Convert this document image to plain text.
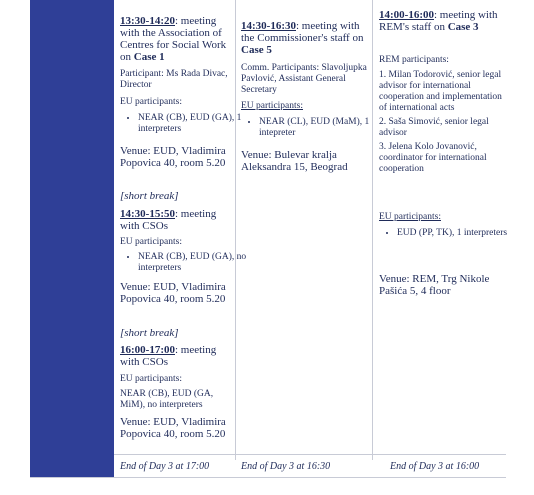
13:30-14:20: meeting with the Association of Centres for Social Work on Case 1
Participant: Ms Rada Divac, Director
EU participants:
• NEAR (CB), EUD (GA), 1 interpreters
Venue: EUD, Vladimira Popovica 40, room 5.20
[short break]
14:30-15:50: meeting with CSOs
EU participants:
• NEAR (CB), EUD (GA), no interpreters
Venue: EUD, Vladimira Popovica 40, room 5.20
[short break]
16:00-17:00: meeting with CSOs
EU participants:
NEAR (CB), EUD (GA, MiM), no interpreters
Venue: EUD, Vladimira Popovica 40, room 5.20
14:30-16:30: meeting with the Commissioner's staff on Case 5
Comm. Participants: Slavoljupka Pavlović, Assistant General Secretary
EU participants:
• NEAR (CL), EUD (MaM), 1 intepreter
Venue: Bulevar kralja Aleksandra 15, Beograd
14:00-16:00: meeting with REM's staff on Case 3
REM participants:
1. Milan Todorović, senior legal advisor for international cooperation and implementation of international acts
2. Saša Simović, senior legal advisor
3. Jelena Kolo Jovanović, coordinator for international cooperation
EU participants:
• EUD (PP, TK), 1 interpreters
Venue: REM, Trg Nikole Pašića 5, 4 floor
End of Day 3 at 17:00	End of Day 3 at 16:30	End of Day 3 at 16:00
